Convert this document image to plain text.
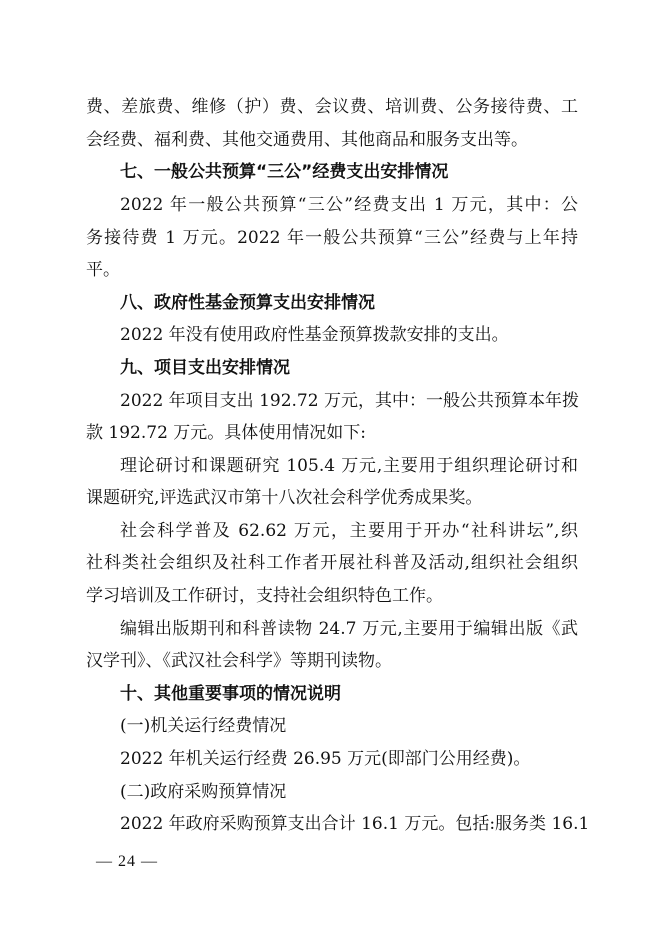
费、差旅费、维修（护）费、会议费、培训费、公务接待费、工
会经费、福利费、其他交通费用、其他商品和服务支出等。
七、一般公共预算“三公”经费支出安排情况
2022 年一般公共预算“三公”经费支出 1 万元，其中：公
务接待费 1 万元。2022 年一般公共预算“三公”经费与上年持
平。
八、政府性基金预算支出安排情况
2022 年没有使用政府性基金预算拨款安排的支出。
九、项目支出安排情况
2022 年项目支出 192.72 万元，其中：一般公共预算本年拨
款 192.72 万元。具体使用情况如下:
理论研讨和课题研究 105.4 万元,主要用于组织理论研讨和
课题研究,评选武汉市第十八次社会科学优秀成果奖。
社会科学普及 62.62 万元，主要用于开办“社科讲坛”,织
社科类社会组织及社科工作者开展社科普及活动,组织社会组织
学习培训及工作研讨，支持社会组织特色工作。
编辑出版期刊和科普读物 24.7 万元,主要用于编辑出版《武
汉学刊》、《武汉社会科学》等期刊读物。
十、其他重要事项的情况说明
(一)机关运行经费情况
2022 年机关运行经费 26.95 万元(即部门公用经费)。
(二)政府采购预算情况
2022 年政府采购预算支出合计 16.1 万元。包括:服务类 16.1
— 24 —
